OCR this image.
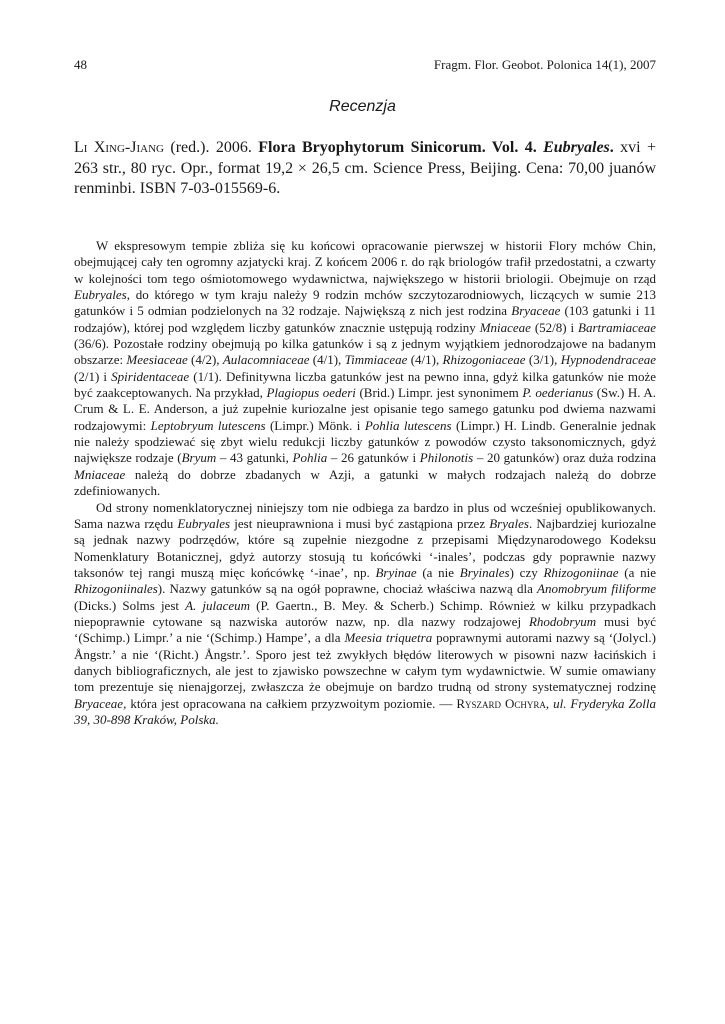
48	Fragm. Flor. Geobot. Polonica 14(1), 2007
Recenzja
Li Xing-Jiang (red.). 2006. Flora Bryophytorum Sinicorum. Vol. 4. Eubryales. xvi + 263 str., 80 ryc. Opr., format 19,2 × 26,5 cm. Science Press, Beijing. Cena: 70,00 juanów renminbi. ISBN 7-03-015569-6.

W ekspresowym tempie zbliża się ku końcowi opracowanie pierwszej w historii Flory mchów Chin, obejmującej cały ten ogromny azjatycki kraj. Z końcem 2006 r. do rąk briologów trafił przedostatni, a czwarty w kolejności tom tego ośmiotomowego wydawnictwa, największego w historii briologii. Obejmuje on rząd Eubryales, do którego w tym kraju należy 9 rodzin mchów szczytozarodniowych, liczących w sumie 213 gatunków i 5 odmian podzielonych na 32 rodzaje. Największą z nich jest rodzina Bryaceae (103 gatunki i 11 rodzajów), której pod względem liczby gatunków znacznie ustępują rodziny Mniaceae (52/8) i Bartramiaceae (36/6). Pozostałe rodziny obejmują po kilka gatunków i są z jednym wyjątkiem jednorodzajowe na badanym obszarze: Meesiaceae (4/2), Aulacomniaceae (4/1), Timmiaceae (4/1), Rhizogoniaceae (3/1), Hypnodendraceae (2/1) i Spiridentaceae (1/1). Definitywna liczba gatunków jest na pewno inna, gdyż kilka gatunków nie może być zaakceptowanych. Na przykład, Plagiopus oederi (Brid.) Limpr. jest synonimem P. oederianus (Sw.) H. A. Crum & L. E. Anderson, a już zupełnie kuriozalne jest opisanie tego samego gatunku pod dwiema nazwami rodzajowymi: Leptobryum lutescens (Limpr.) Mönk. i Pohlia lutescens (Limpr.) H. Lindb. Generalnie jednak nie należy spodziewać się zbyt wielu redukcji liczby gatunków z powodów czysto taksonomicznych, gdyż największe rodzaje (Bryum – 43 gatunki, Pohlia – 26 gatunków i Philonotis – 20 gatunków) oraz duża rodzina Mniaceae należą do dobrze zbadanych w Azji, a gatunki w małych rodzajach należą do dobrze zdefiniowanych.

Od strony nomenklatorycznej niniejszy tom nie odbiega za bardzo in plus od wcześniej opublikowanych. Sama nazwa rzędu Eubryales jest nieuprawniona i musi być zastąpiona przez Bryales. Najbardziej kuriozalne są jednak nazwy podrzędów, które są zupełnie niezgodne z przepisami Międzynarodowego Kodeksu Nomenklatury Botanicznej, gdyż autorzy stosują tu końcówki ‘-inales’, podczas gdy poprawnie nazwy taksonów tej rangi muszą mięc końcówkę ‘-inae’, np. Bryinae (a nie Bryinales) czy Rhizogoniinae (a nie Rhizogoniinales). Nazwy gatunków są na ogół poprawne, chociaż właściwa nazwą dla Anomobryum filiforme (Dicks.) Solms jest A. julaceum (P. Gaertn., B. Mey. & Scherb.) Schimp. Również w kilku przypadkach niepoprawnie cytowane są nazwiska autorów nazw, np. dla nazwy rodzajowej Rhodobryum musi być ‘(Schimp.) Limpr.’ a nie ‘(Schimp.) Hampe’, a dla Meesia triquetra poprawnymi autorami nazwy są ‘(Jolycl.) Ångstr.’ a nie ‘(Richt.) Ångstr.’. Sporo jest też zwykłych błędów literowych w pisowni nazw łacińskich i danych bibliograficznych, ale jest to zjawisko powszechne w całym tym wydawnictwie. W sumie omawiany tom prezentuje się nienajgorzej, zwłaszcza że obejmuje on bardzo trudną od strony systematycznej rodzinę Bryaceae, która jest opracowana na całkiem przyzwoitym poziomie. — Ryszard Ochyra, ul. Fryderyka Zolla 39, 30-898 Kraków, Polska.
